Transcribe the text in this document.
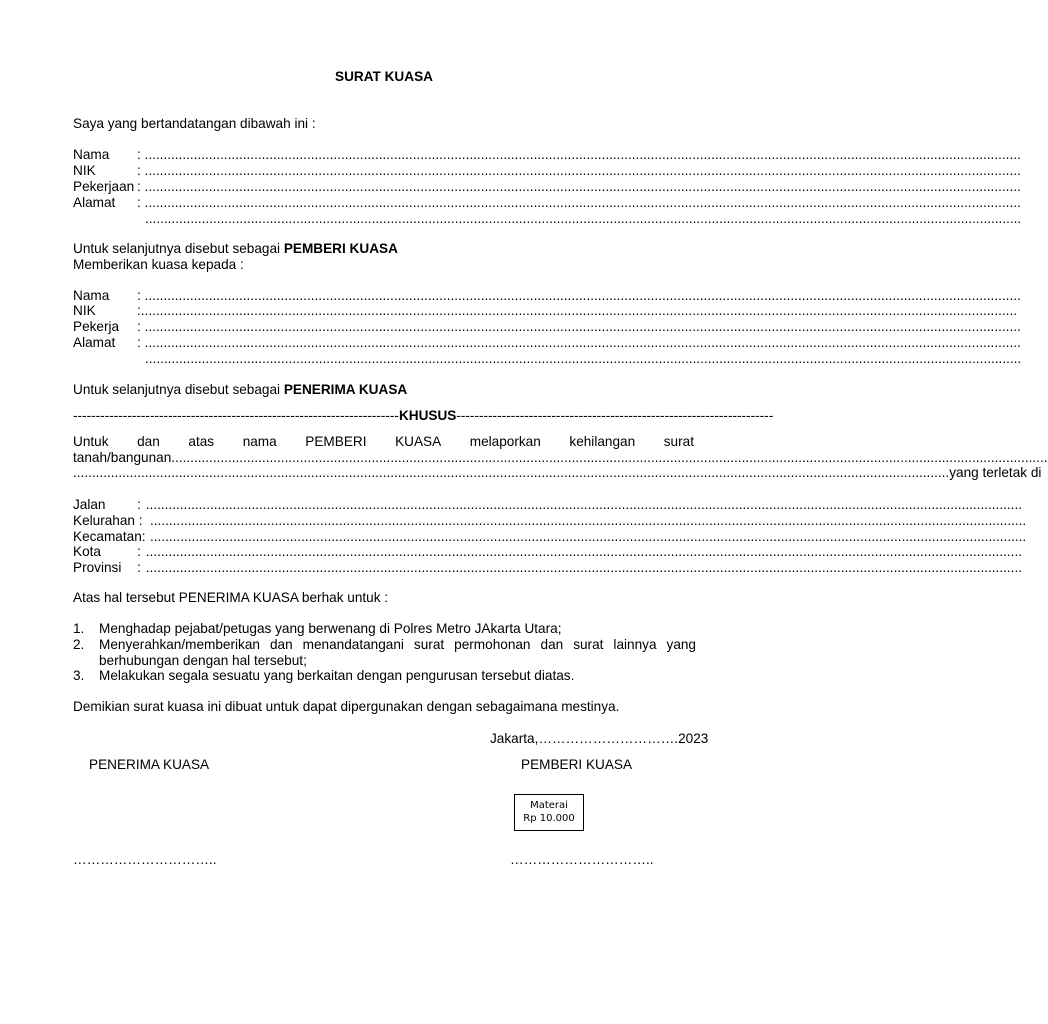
SURAT KUASA
Saya yang bertandatangan dibawah ini :
Nama : .....
NIK	: .....
Pekerjaan : .....
Alamat : .....
.....
Untuk selanjutnya disebut sebagai PEMBERI KUASA
Memberikan kuasa kepada :
Nama : .....
NIK	: .....
Pekerja : .....
Alamat : .....
.....
Untuk selanjutnya disebut sebagai PENERIMA KUASA
------------------------------------------------------------------------ KHUSUS ----------------------------------------------------------------------
Untuk dan atas nama PEMBERI KUASA melaporkan kehilangan surat
tanah/bangunan .....
.....
yang terletak di
Jalan : .....
Kelurahan :
.....
Kecamatan:
.....
Kota	: .....
Provinsi : .....
Atas hal tersebut PENERIMA KUASA berhak untuk :
1. Menghadap pejabat/petugas yang berwenang di Polres Metro JAkarta Utara;
2. Menyerahkan/memberikan dan menandatangani surat permohonan dan surat lainnya yang berhubungan dengan hal tersebut;
3. Melakukan segala sesuatu yang berkaitan dengan pengurusan tersebut diatas.
Demikian surat kuasa ini dibuat untuk dapat dipergunakan dengan sebagaimana mestinya.
Jakarta,………………………….2023
PENERIMA KUASA	PEMBERI KUASA
Materai
Rp 10.000
…………………………..	…………………………..
